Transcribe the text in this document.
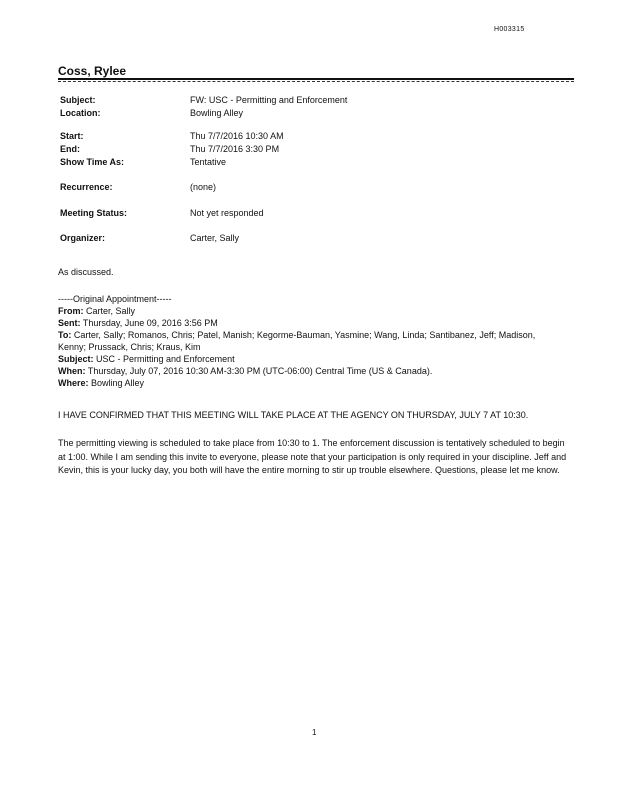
H003315
Coss, Rylee
Subject:	FW: USC - Permitting and Enforcement
Location:	Bowling Alley
Start:	Thu 7/7/2016 10:30 AM
End:	Thu 7/7/2016 3:30 PM
Show Time As:	Tentative
Recurrence:	(none)
Meeting Status:	Not yet responded
Organizer:	Carter, Sally
As discussed.
-----Original Appointment-----
From: Carter, Sally
Sent: Thursday, June 09, 2016 3:56 PM
To: Carter, Sally; Romanos, Chris; Patel, Manish; Kegorme-Bauman, Yasmine; Wang, Linda; Santibanez, Jeff; Madison,
Kenny; Prussack, Chris; Kraus, Kim
Subject: USC - Permitting and Enforcement
When: Thursday, July 07, 2016 10:30 AM-3:30 PM (UTC-06:00) Central Time (US & Canada).
Where: Bowling Alley
I HAVE CONFIRMED THAT THIS MEETING WILL TAKE PLACE AT THE AGENCY ON THURSDAY, JULY 7 AT 10:30.
The permitting viewing is scheduled to take place from 10:30 to 1. The enforcement discussion is tentatively scheduled to begin at 1:00. While I am sending this invite to everyone, please note that your participation is only required in your discipline. Jeff and Kevin, this is your lucky day, you both will have the entire morning to stir up trouble elsewhere. Questions, please let me know.
1
